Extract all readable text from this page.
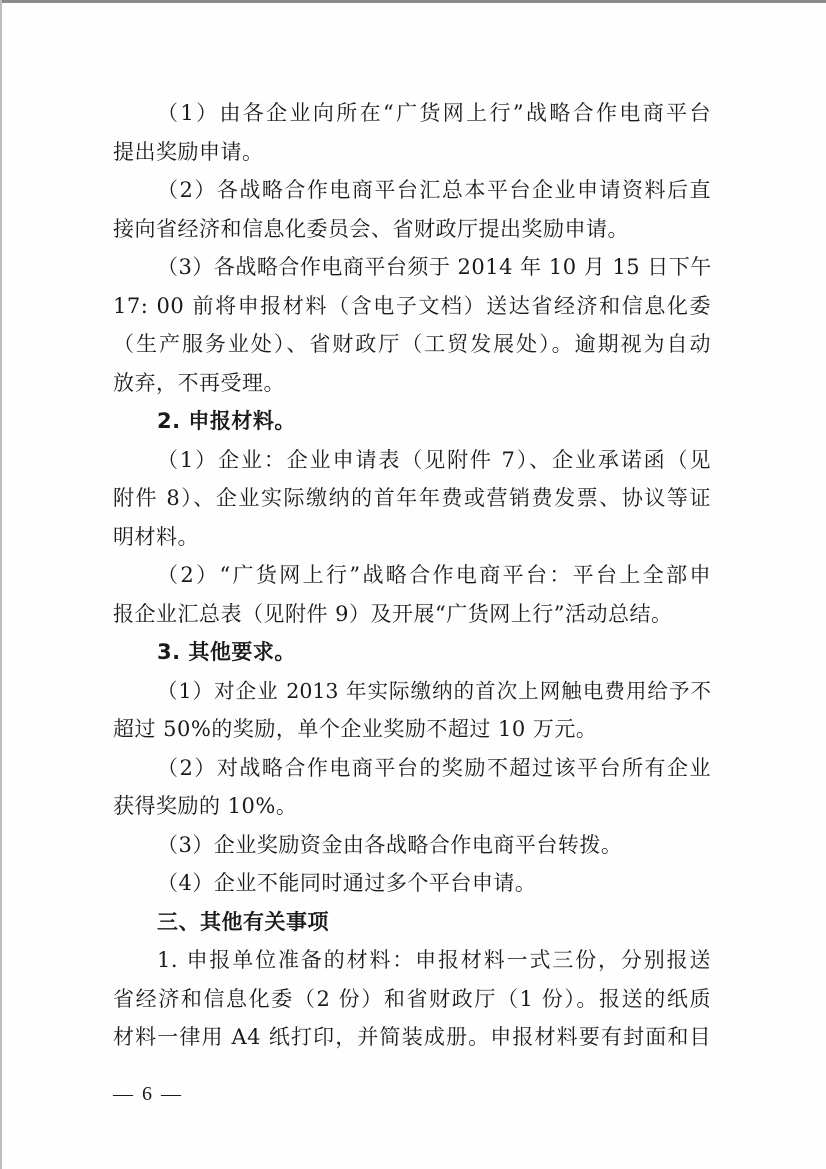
（1）由各企业向所在“广货网上行”战略合作电商平台
提出奖励申请。
（2）各战略合作电商平台汇总本平台企业申请资料后直
接向省经济和信息化委员会、省财政厅提出奖励申请。
（3）各战略合作电商平台须于 2014 年 10 月 15 日下午
17: 00 前将申报材料（含电子文档）送达省经济和信息化委
（生产服务业处）、省财政厅（工贸发展处）。逾期视为自动
放弃，不再受理。
2. 申报材料。
（1）企业：企业申请表（见附件 7）、企业承诺函（见
附件 8）、企业实际缴纳的首年年费或营销费发票、协议等证
明材料。
（2）“广货网上行”战略合作电商平台：平台上全部申
报企业汇总表（见附件 9）及开展“广货网上行”活动总结。
3. 其他要求。
（1）对企业 2013 年实际缴纳的首次上网触电费用给予不
超过 50%的奖励，单个企业奖励不超过 10 万元。
（2）对战略合作电商平台的奖励不超过该平台所有企业
获得奖励的 10%。
（3）企业奖励资金由各战略合作电商平台转拨。
（4）企业不能同时通过多个平台申请。
三、其他有关事项
1. 申报单位准备的材料：申报材料一式三份，分别报送
省经济和信息化委（2 份）和省财政厅（1 份）。报送的纸质
材料一律用 A4 纸打印，并简装成册。申报材料要有封面和目
— 6 —
